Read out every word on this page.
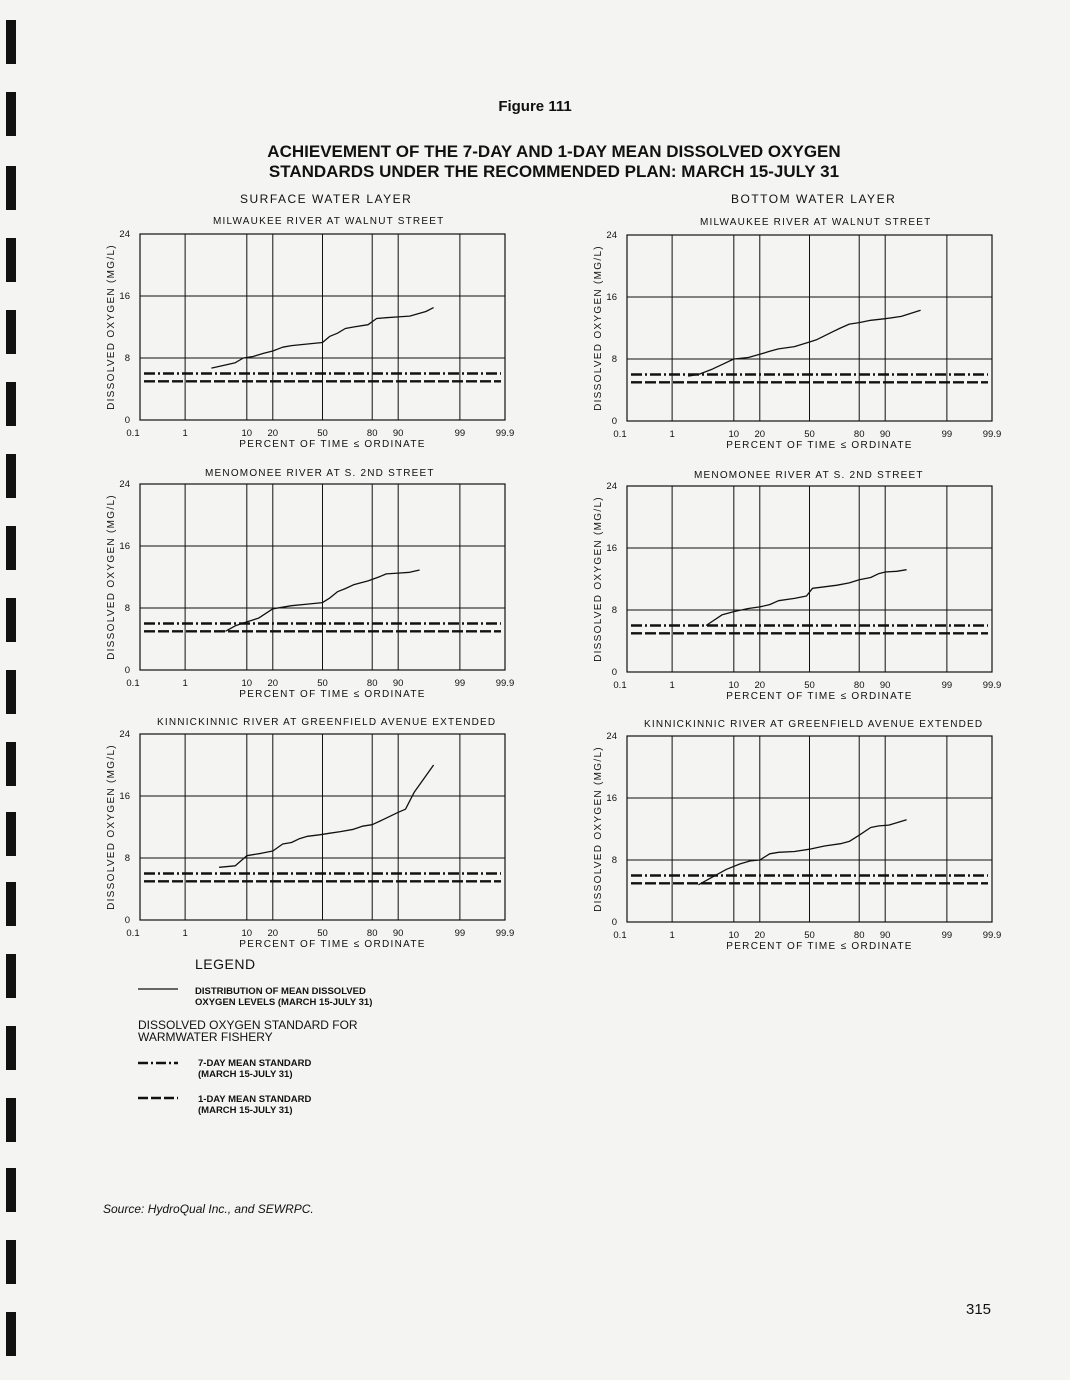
Figure 111
ACHIEVEMENT OF THE 7-DAY AND 1-DAY MEAN DISSOLVED OXYGEN
STANDARDS UNDER THE RECOMMENDED PLAN: MARCH 15-JULY 31
SURFACE WATER LAYER	BOTTOM WATER LAYER
MILWAUKEE RIVER AT WALNUT STREET	MILWAUKEE RIVER AT WALNUT STREET
MENOMONEE RIVER AT S. 2ND STREET	MENOMONEE RIVER AT S. 2ND STREET
KINNICKINNIC RIVER AT GREENFIELD AVENUE EXTENDED	KINNICKINNIC RIVER AT GREENFIELD AVENUE EXTENDED
0
8
16
24
0.1	1	10 20	50	80 90	99	99.9
DISSOLVED OXYGEN (MG/L)
PERCENT OF TIME ≤ ORDINATE
0
8
16
24
0.1	1	10 20	50	80 90	99	99.9
DISSOLVED OXYGEN (MG/L)
PERCENT OF TIME ≤ ORDINATE
0
8
16
24
0.1	1	10 20	50	80 90	99	99.9
DISSOLVED OXYGEN (MG/L)
PERCENT OF TIME ≤ ORDINATE
0
8
16
24
0.1	1	10 20	50	80 90	99	99.9
DISSOLVED OXYGEN (MG/L)
PERCENT OF TIME ≤ ORDINATE
0
8
16
24
0.1	1	10 20	50	80 90	99	99.9
DISSOLVED OXYGEN (MG/L)
PERCENT OF TIME ≤ ORDINATE
0
8
16
24
0.1	1	10 20	50	80 90	99	99.9
DISSOLVED OXYGEN (MG/L)
PERCENT OF TIME ≤ ORDINATE
LEGEND
DISTRIBUTION OF MEAN DISSOLVED
OXYGEN LEVELS (MARCH 15-JULY 31)
DISSOLVED OXYGEN STANDARD FOR
WARMWATER FISHERY
7-DAY MEAN STANDARD
(MARCH 15-JULY 31)
1-DAY MEAN STANDARD
(MARCH 15-JULY 31)
Source: HydroQual Inc., and SEWRPC.
315
